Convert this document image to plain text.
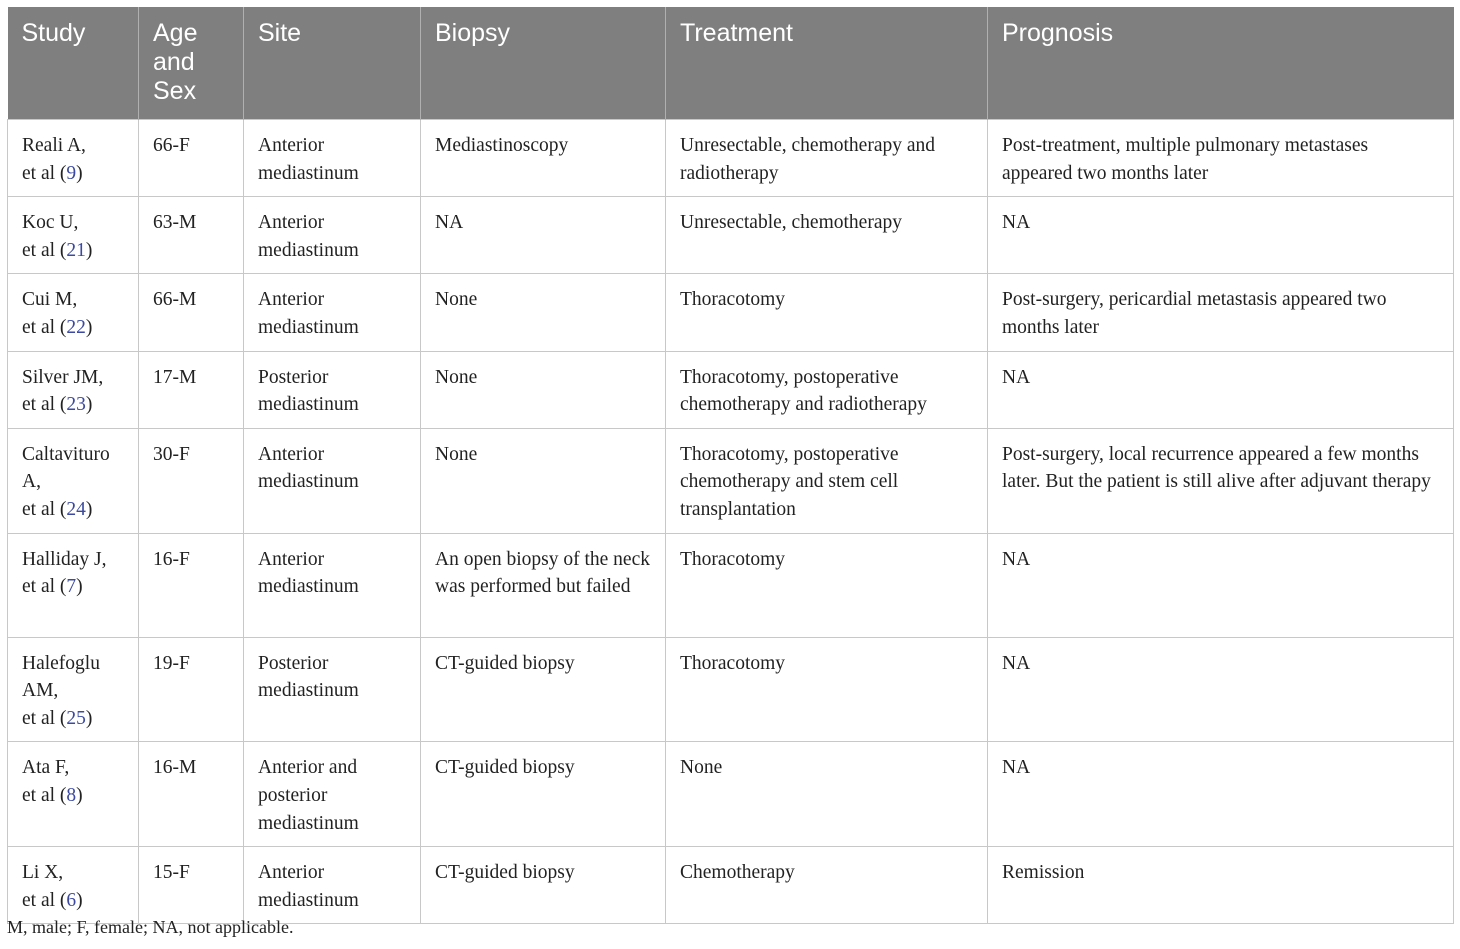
Study	Age and Sex	Site	Biopsy	Treatment	Prognosis
Reali A,
et al (9)	66-F	Anterior mediastinum	Mediastinoscopy	Unresectable, chemotherapy and radiotherapy	Post-treatment, multiple pulmonary metastases appeared two months later
Koc U,
et al (21)	63-M	Anterior mediastinum	NA	Unresectable, chemotherapy	NA
Cui M,
et al (22)	66-M	Anterior mediastinum	None	Thoracotomy	Post-surgery, pericardial metastasis appeared two months later
Silver JM,
et al (23)	17-M	Posterior mediastinum	None	Thoracotomy, postoperative chemotherapy and radiotherapy	NA
Caltavituro A,
et al (24)	30-F	Anterior mediastinum	None	Thoracotomy, postoperative chemotherapy and stem cell transplantation	Post-surgery, local recurrence appeared a few months later. But the patient is still alive after adjuvant therapy
Halliday J,
et al (7)	16-F	Anterior mediastinum	An open biopsy of the neck was performed but failed	Thoracotomy	NA
Halefoglu AM,
et al (25)	19-F	Posterior mediastinum	CT-guided biopsy	Thoracotomy	NA
Ata F,
et al (8)	16-M	Anterior and posterior mediastinum	CT-guided biopsy	None	NA
Li X,
et al (6)	15-F	Anterior mediastinum	CT-guided biopsy	Chemotherapy	Remission
M, male; F, female; NA, not applicable.
